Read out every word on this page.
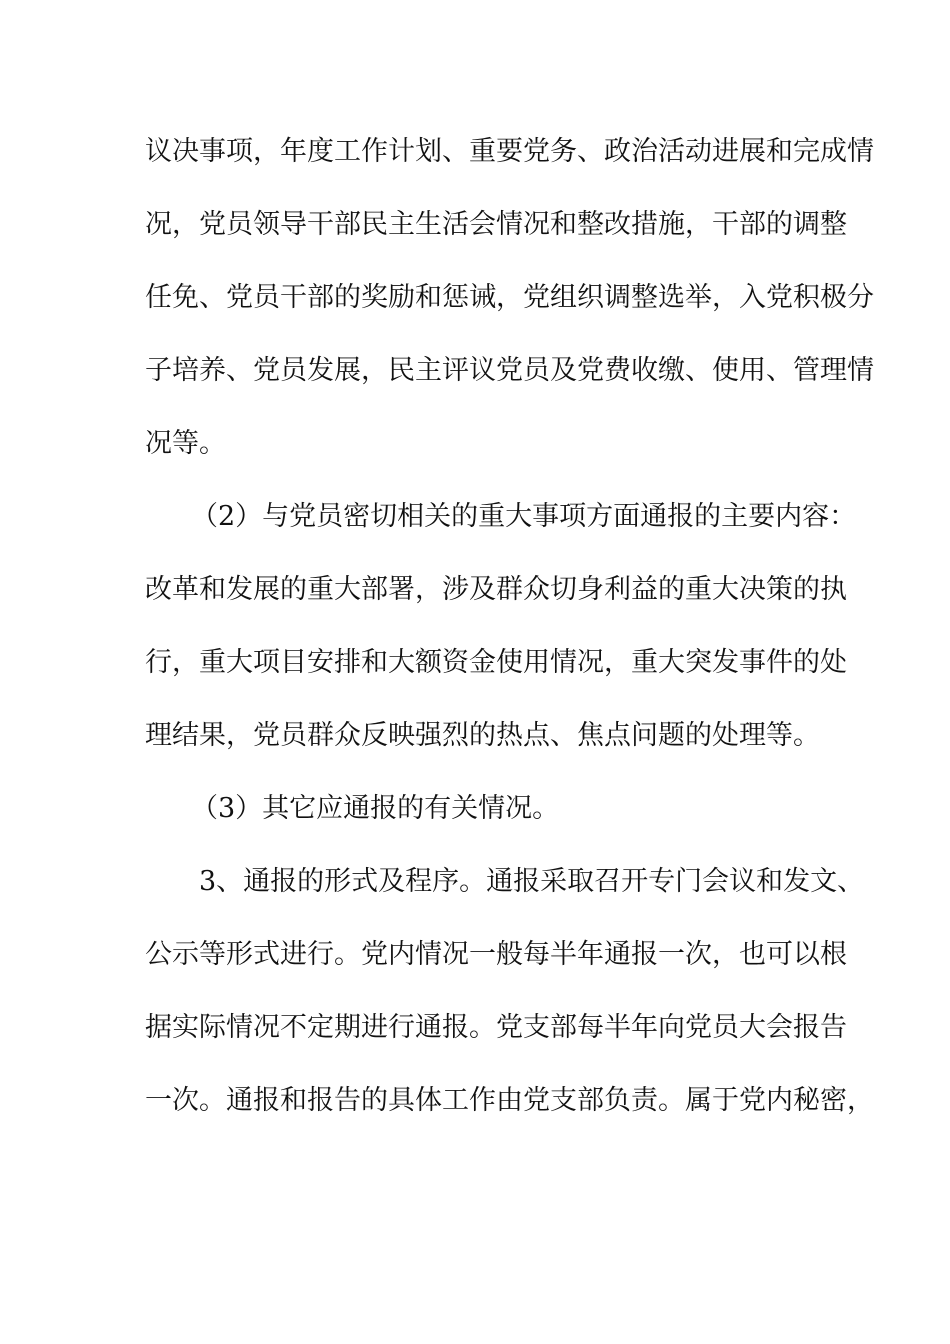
议决事项，年度工作计划、重要党务、政治活动进展和完成情
况，党员领导干部民主生活会情况和整改措施，干部的调整
任免、党员干部的奖励和惩诫，党组织调整选举，入党积极分
子培养、党员发展，民主评议党员及党费收缴、使用、管理情
况等。
（2）与党员密切相关的重大事项方面通报的主要内容：
改革和发展的重大部署，涉及群众切身利益的重大决策的执
行，重大项目安排和大额资金使用情况，重大突发事件的处
理结果，党员群众反映强烈的热点、焦点问题的处理等。
（3）其它应通报的有关情况。
3、通报的形式及程序。通报采取召开专门会议和发文、
公示等形式进行。党内情况一般每半年通报一次，也可以根
据实际情况不定期进行通报。党支部每半年向党员大会报告
一次。通报和报告的具体工作由党支部负责。属于党内秘密，
